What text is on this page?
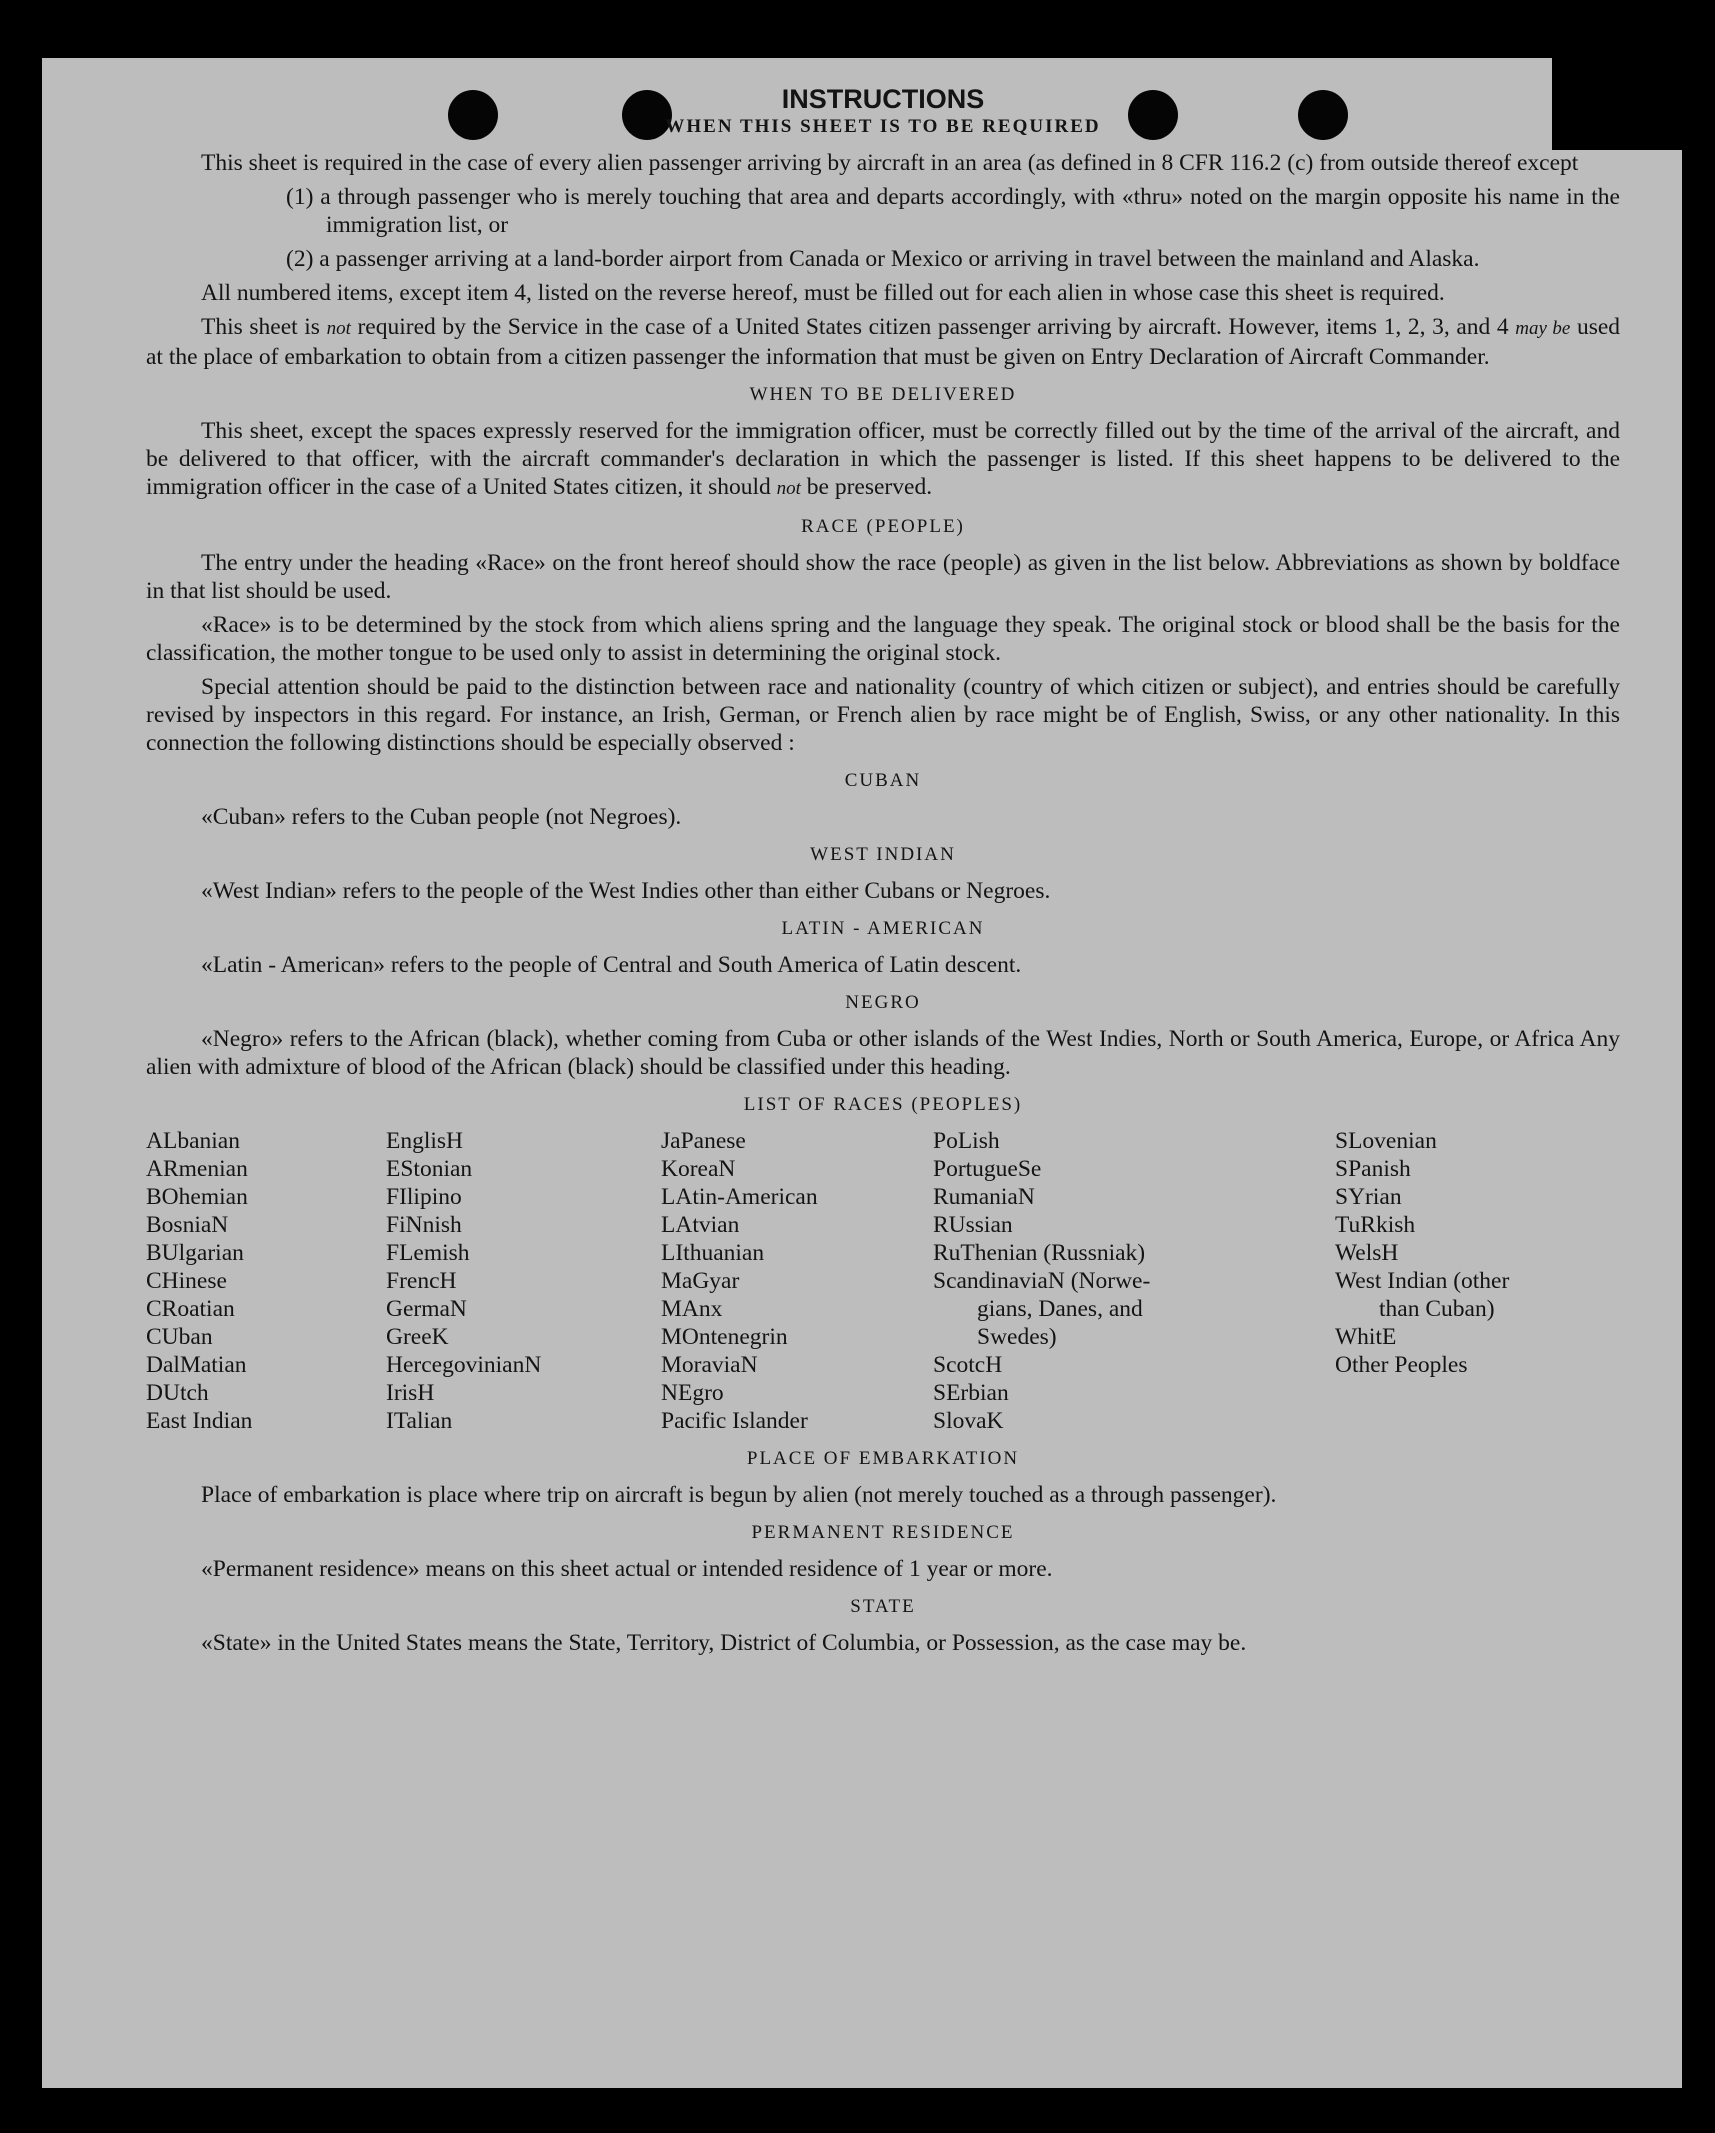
INSTRUCTIONS
WHEN THIS SHEET IS TO BE REQUIRED

This sheet is required in the case of every alien passenger arriving by aircraft in an area (as defined in 8 CFR 116.2 (c) from outside thereof except

(1) a through passenger who is merely touching that area and departs accordingly, with «thru» noted on the margin opposite his name in the immigration list, or

(2) a passenger arriving at a land-border airport from Canada or Mexico or arriving in travel between the mainland and Alaska.

All numbered items, except item 4, listed on the reverse hereof, must be filled out for each alien in whose case this sheet is required.

This sheet is not required by the Service in the case of a United States citizen passenger arriving by aircraft. However, items 1, 2, 3, and 4 may be used at the place of embarkation to obtain from a citizen passenger the information that must be given on Entry Declaration of Aircraft Commander.

WHEN TO BE DELIVERED

This sheet, except the spaces expressly reserved for the immigration officer, must be correctly filled out by the time of the arrival of the aircraft, and be delivered to that officer, with the aircraft commander's declaration in which the passenger is listed. If this sheet happens to be delivered to the immigration officer in the case of a United States citizen, it should not be preserved.

RACE (PEOPLE)

The entry under the heading «Race» on the front hereof should show the race (people) as given in the list below. Abbreviations as shown by boldface in that list should be used.

«Race» is to be determined by the stock from which aliens spring and the language they speak. The original stock or blood shall be the basis for the classification, the mother tongue to be used only to assist in determining the original stock.

Special attention should be paid to the distinction between race and nationality (country of which citizen or subject), and entries should be carefully revised by inspectors in this regard. For instance, an Irish, German, or French alien by race might be of English, Swiss, or any other nationality. In this connection the following distinctions should be especially observed :

CUBAN

«Cuban» refers to the Cuban people (not Negroes).

WEST INDIAN

«West Indian» refers to the people of the West Indies other than either Cubans or Negroes.

LATIN - AMERICAN

«Latin - American» refers to the people of Central and South America of Latin descent.

NEGRO

«Negro» refers to the African (black), whether coming from Cuba or other islands of the West Indies, North or South America, Europe, or Africa Any alien with admixture of blood of the African (black) should be classified under this heading.

LIST OF RACES (PEOPLES)
ALbanian
ARmenian
BOhemian
BosniaN
BUlgarian
CHinese
CRoatian
CUban
DalMatian
DUtch
East Indian
EnglisH
EStonian
FIlipino
FiNnish
FLemish
FrencH
GermaN
GreeK
HercegovinianN
IrisH
ITalian
JaPanese
KoreaN
LAtin-American
LAtvian
LIthuanian
MaGyar
MAnx
MOntenegrin
MoraviaN
NEgro
Pacific Islander
PoLish
PortugueSe
RumaniaN
RUssian
RuThenian (Russniak)
ScandinaviaN (Norwe-
gians, Danes, and
Swedes)
ScotcH
SErbian
SlovaK
SLovenian
SPanish
SYrian
TuRkish
WelsH
West Indian (other
than Cuban)
WhitE
Other Peoples
PLACE OF EMBARKATION

Place of embarkation is place where trip on aircraft is begun by alien (not merely touched as a through passenger).

PERMANENT RESIDENCE

«Permanent residence» means on this sheet actual or intended residence of 1 year or more.

STATE

«State» in the United States means the State, Territory, District of Columbia, or Possession, as the case may be.
